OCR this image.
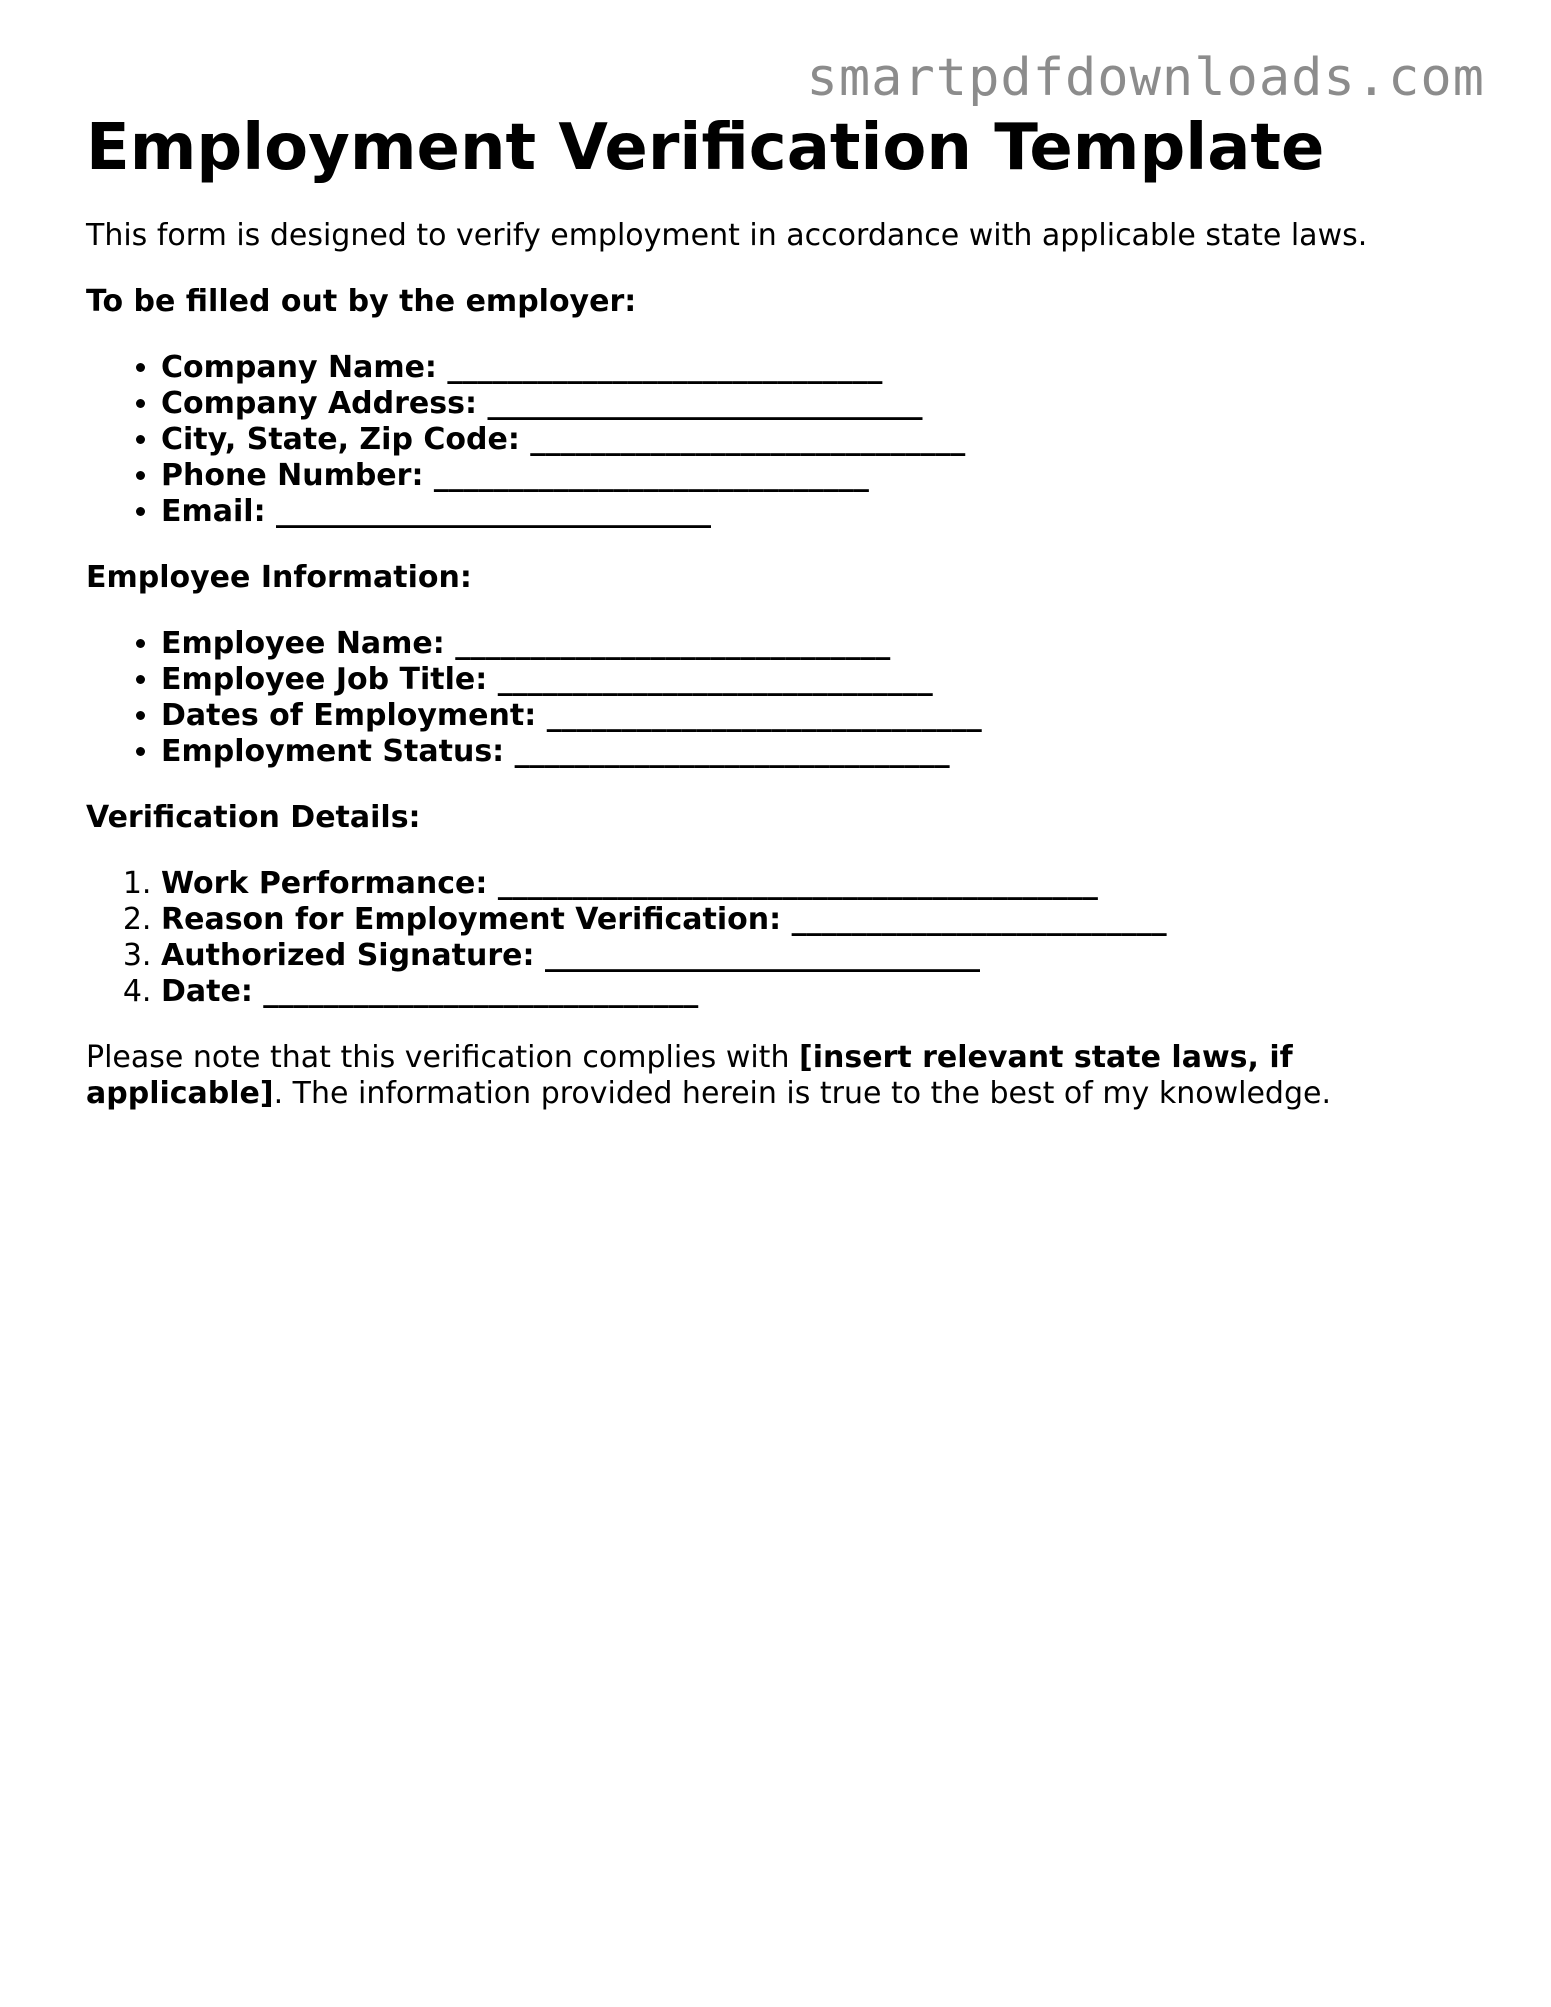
smartpdfdownloads.com
Employment Verification Template

This form is designed to verify employment in accordance with applicable state laws.

To be filled out by the employer:

• Company Name: _____________________________
• Company Address: _____________________________
• City, State, Zip Code: _____________________________
• Phone Number: _____________________________
• Email: _____________________________

Employee Information:

• Employee Name: _____________________________
• Employee Job Title: _____________________________
• Dates of Employment: _____________________________
• Employment Status: _____________________________

Verification Details:

1. Work Performance: ________________________________________
2. Reason for Employment Verification: _________________________
3. Authorized Signature: _____________________________
4. Date: _____________________________

Please note that this verification complies with [insert relevant state laws, if applicable]. The information provided herein is true to the best of my knowledge.
